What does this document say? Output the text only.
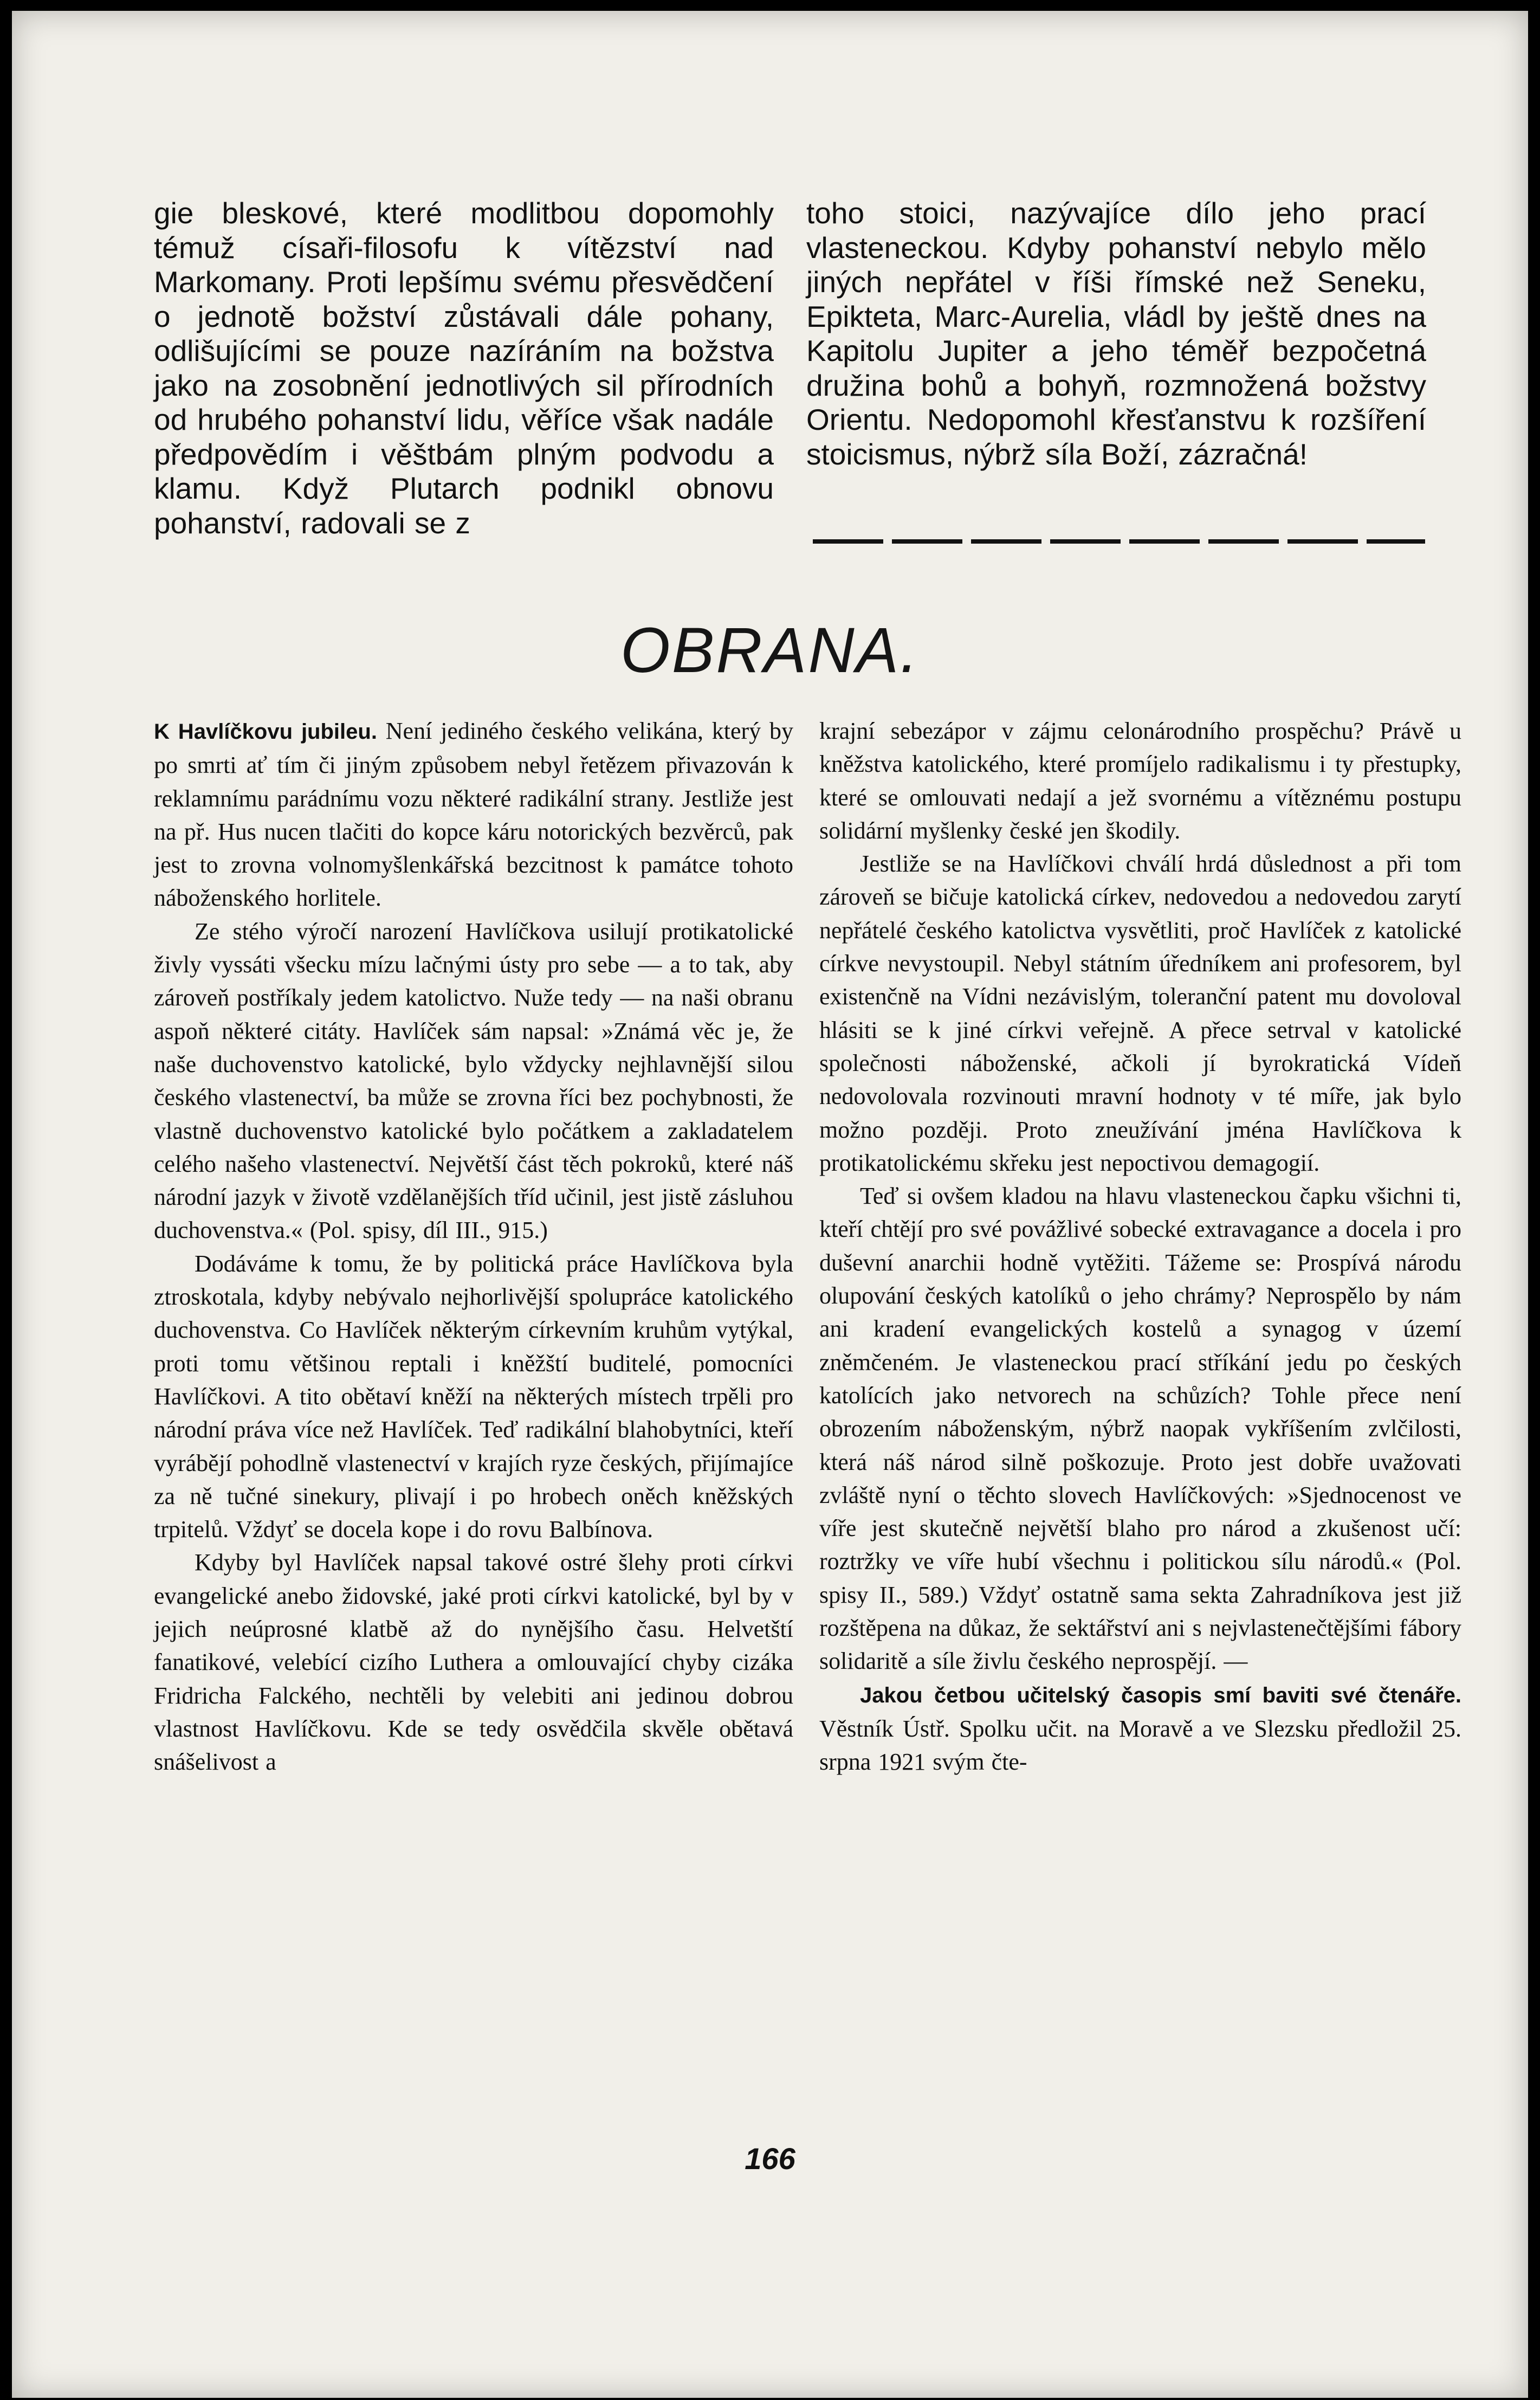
gie bleskové, které modlitbou dopomohly témuž císaři-filosofu k vítězství nad Markomany. Proti lepšímu svému přesvědčení o jednotě božství zůstávali dále pohany, odlišujícími se pouze nazíráním na božstva jako na zosobnění jednotlivých sil přírodních od hrubého pohanství lidu, věříce však nadále předpovědím i věštbám plným podvodu a klamu. Když Plutarch podnikl obnovu pohanství, radovali se z

toho stoici, nazývajíce dílo jeho prací vlasteneckou. Kdyby pohanství nebylo mělo jiných nepřátel v říši římské než Seneku, Epikteta, Marc-Aurelia, vládl by ještě dnes na Kapitolu Jupiter a jeho téměř bezpočetná družina bohů a bohyň, rozmnožená božstvy Orientu. Nedopomohl křesťanstvu k rozšíření stoicismus, nýbrž síla Boží, zázračná!

OBRANA.

K Havlíčkovu jubileu. Není jediného českého velikána, který by po smrti ať tím či jiným způsobem nebyl řetězem přivazován k reklamnímu parádnímu vozu některé radikální strany. Jestliže jest na př. Hus nucen tlačiti do kopce káru notorických bezvěrců, pak jest to zrovna volnomyšlenkářská bezcitnost k památce tohoto náboženského horlitele.

Ze stého výročí narození Havlíčkova usilují protikatolické živly vyssáti všecku mízu lačnými ústy pro sebe — a to tak, aby zároveň postříkaly jedem katolictvo. Nuže tedy — na naši obranu aspoň některé citáty. Havlíček sám napsal: »Známá věc je, že naše duchovenstvo katolické, bylo vždycky nejhlavnější silou českého vlastenectví, ba může se zrovna říci bez pochybnosti, že vlastně duchovenstvo katolické bylo počátkem a zakladatelem celého našeho vlastenectví. Největší část těch pokroků, které náš národní jazyk v životě vzdělanějších tříd učinil, jest jistě zásluhou duchovenstva.« (Pol. spisy, díl III., 915.)

Dodáváme k tomu, že by politická práce Havlíčkova byla ztroskotala, kdyby nebývalo nejhorlivější spolupráce katolického duchovenstva. Co Havlíček některým církevním kruhům vytýkal, proti tomu většinou reptali i kněžští buditelé, pomocníci Havlíčkovi. A tito obětaví kněží na některých místech trpěli pro národní práva více než Havlíček. Teď radikální blahobytníci, kteří vyrábějí pohodlně vlastenectví v krajích ryze českých, přijímajíce za ně tučné sinekury, plivají i po hrobech oněch kněžských trpitelů. Vždyť se docela kope i do rovu Balbínova.

Kdyby byl Havlíček napsal takové ostré šlehy proti církvi evangelické anebo židovské, jaké proti církvi katolické, byl by v jejich neúprosné klatbě až do nynějšího času. Helvetští fanatikové, velebící cizího Luthera a omlouvající chyby cizáka Fridricha Falckého, nechtěli by velebiti ani jedinou dobrou vlastnost Havlíčkovu. Kde se tedy osvědčila skvěle obětavá snášelivost a

krajní sebezápor v zájmu celonárodního prospěchu? Právě u kněžstva katolického, které promíjelo radikalismu i ty přestupky, které se omlouvati nedají a jež svornému a vítěznému postupu solidární myšlenky české jen škodily.

Jestliže se na Havlíčkovi chválí hrdá důslednost a při tom zároveň se bičuje katolická církev, nedovedou a nedovedou zarytí nepřátelé českého katolictva vysvětliti, proč Havlíček z katolické církve nevystoupil. Nebyl státním úředníkem ani profesorem, byl existenčně na Vídni nezávislým, toleranční patent mu dovoloval hlásiti se k jiné církvi veřejně. A přece setrval v katolické společnosti náboženské, ačkoli jí byrokratická Vídeň nedovolovala rozvinouti mravní hodnoty v té míře, jak bylo možno později. Proto zneužívání jména Havlíčkova k protikatolickému skřeku jest nepoctivou demagogií.

Teď si ovšem kladou na hlavu vlasteneckou čapku všichni ti, kteří chtějí pro své povážlivé sobecké extravagance a docela i pro duševní anarchii hodně vytěžiti. Tážeme se: Prospívá národu olupování českých katolíků o jeho chrámy? Neprospělo by nám ani kradení evangelických kostelů a synagog v území zněmčeném. Je vlasteneckou prací stříkání jedu po českých katolících jako netvorech na schůzích? Tohle přece není obrozením náboženským, nýbrž naopak vykříšením zvlčilosti, která náš národ silně poškozuje. Proto jest dobře uvažovati zvláště nyní o těchto slovech Havlíčkových: »Sjednocenost ve víře jest skutečně největší blaho pro národ a zkušenost učí: roztržky ve víře hubí všechnu i politickou sílu národů.« (Pol. spisy II., 589.) Vždyť ostatně sama sekta Zahradníkova jest již rozštěpena na důkaz, že sektářství ani s nejvlastenečtějšími fábory solidaritě a síle živlu českého neprospějí. —

Jakou četbou učitelský časopis smí baviti své čtenáře. Věstník Ústř. Spolku učit. na Moravě a ve Slezsku předložil 25. srpna 1921 svým čte-

166
